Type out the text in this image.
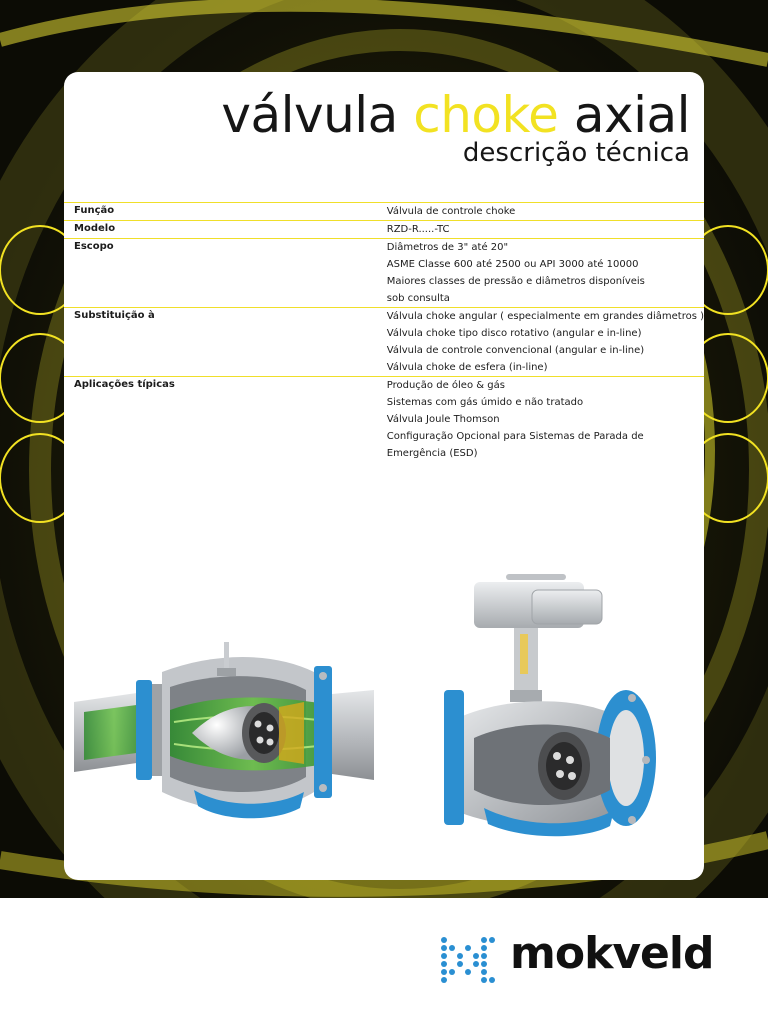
válvula choke axial
descrição técnica
Função	Válvula de controle choke

Modelo	RZD-R.....-TC

Escopo	Diâmetros de 3" até 20"
ASME Classe 600 até 2500 ou API 3000 até 10000
Maiores classes de pressão e diâmetros disponíveis
sob consulta

Substituição à	Válvula choke angular ( especialmente em grandes diâmetros )
Válvula choke tipo disco rotativo (angular e in-line)
Válvula de controle convencional (angular e in-line)
Válvula choke de esfera (in-line)

Aplicações típicas	Produção de óleo & gás
Sistemas com gás úmido e não tratado
Válvula Joule Thomson
Configuração Opcional para Sistemas de Parada de
Emergência (ESD)

mokveld
